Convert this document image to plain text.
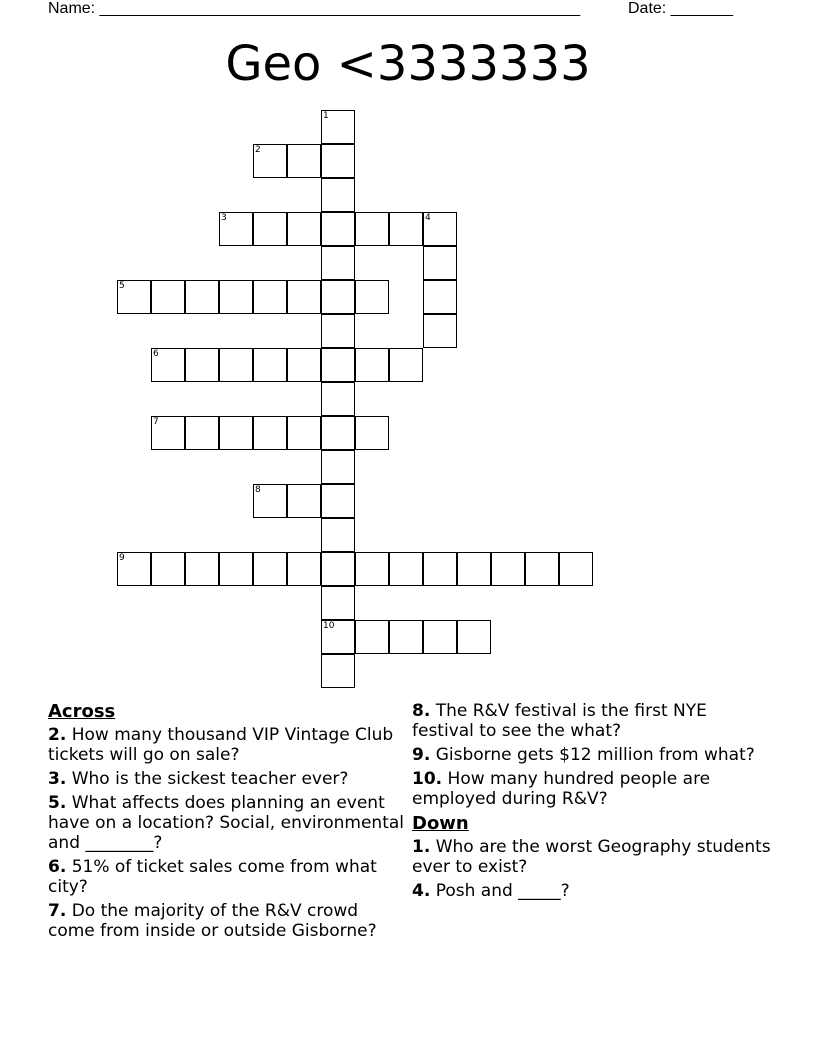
Name: ______________________________________________________	Date: _______
Geo <3333333
1
10
2
3	4
5
6
7
8
9
Across
2. How many thousand VIP Vintage Club tickets will go on sale?
3. Who is the sickest teacher ever?
5. What affects does planning an event have on a location? Social, environmental and ________?
6. 51% of ticket sales come from what city?
7. Do the majority of the R&V crowd come from inside or outside Gisborne?
8. The R&V festival is the first NYE festival to see the what?
9. Gisborne gets $12 million from what?
10. How many hundred people are employed during R&V?
Down
1. Who are the worst Geography students ever to exist?
4. Posh and _____?
